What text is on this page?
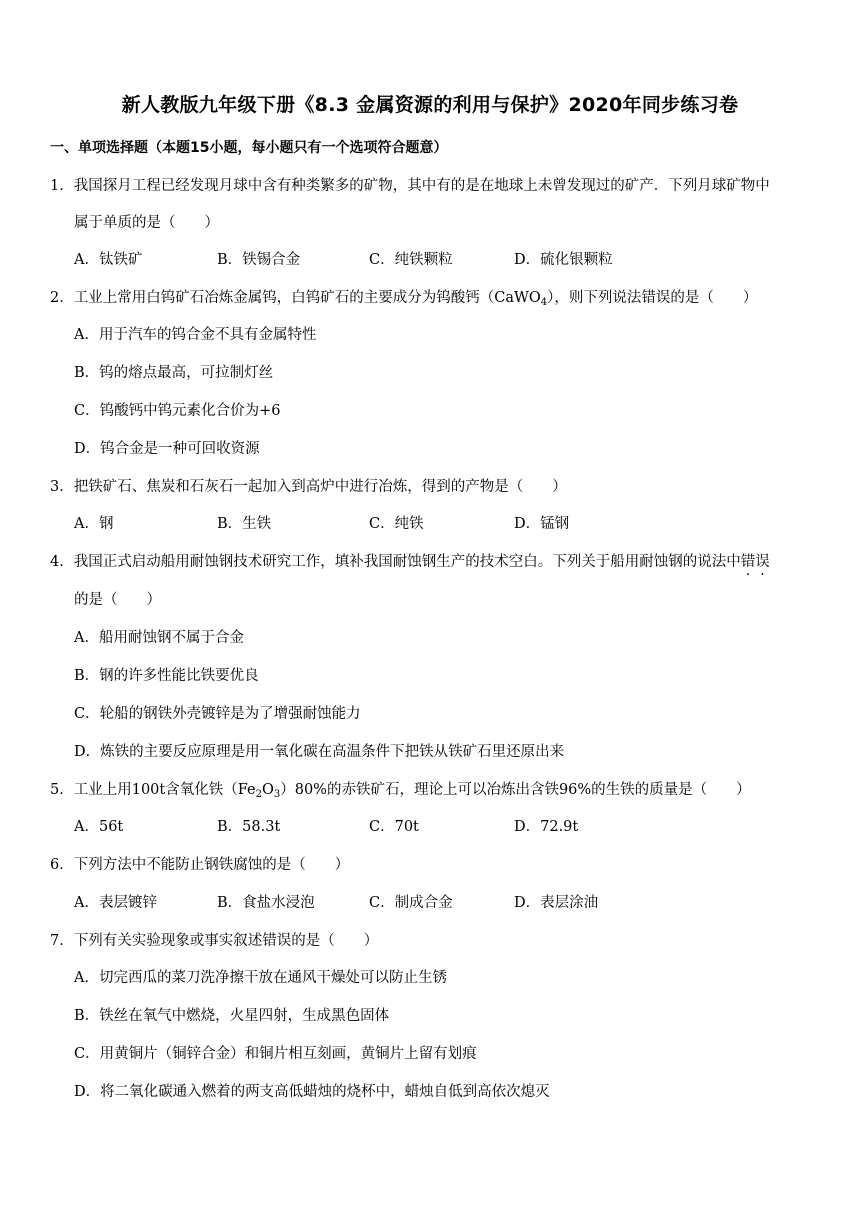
新人教版九年级下册《8.3 金属资源的利用与保护》2020年同步练习卷
一、单项选择题（本题15小题，每小题只有一个选项符合题意）
1．我国探月工程已经发现月球中含有种类繁多的矿物，其中有的是在地球上未曾发现过的矿产．下列月球矿物中
属于单质的是（　　）
A．钛铁矿	B．铁锡合金	C．纯铁颗粒	D．硫化银颗粒
2．工业上常用白钨矿石冶炼金属钨，白钨矿石的主要成分为钨酸钙（CaWO$_4$），则下列说法错误的是（　　）
A．用于汽车的钨合金不具有金属特性
B．钨的熔点最高，可拉制灯丝
C．钨酸钙中钨元素化合价为+6
D．钨合金是一种可回收资源
3．把铁矿石、焦炭和石灰石一起加入到高炉中进行冶炼，得到的产物是（　　）
A．钢	B．生铁	C．纯铁	D．锰钢
4．我国正式启动船用耐蚀钢技术研究工作，填补我国耐蚀钢生产的技术空白。下列关于船用耐蚀钢的说法中错误
的是（　　）
A．船用耐蚀钢不属于合金
B．钢的许多性能比铁要优良
C．轮船的钢铁外壳镀锌是为了增强耐蚀能力
D．炼铁的主要反应原理是用一氧化碳在高温条件下把铁从铁矿石里还原出来
5．工业上用100t含氧化铁$(Fe_2O_3)80\%$的赤铁矿石，理论上可以冶炼出含铁96%的生铁的质量是（　　）
A．56t	B．58.3t	C．70t	D．72.9t
6．下列方法中不能防止钢铁腐蚀的是（　　）
A．表层镀锌	B．食盐水浸泡	C．制成合金	D．表层涂油
7．下列有关实验现象或事实叙述错误的是（　　）
A．切完西瓜的菜刀洗净擦干放在通风干燥处可以防止生锈
B．铁丝在氧气中燃烧，火星四射，生成黑色固体
C．用黄铜片（铜锌合金）和铜片相互刻画，黄铜片上留有划痕
D．将二氧化碳通入燃着的两支高低蜡烛的烧杯中，蜡烛自低到高依次熄灭
